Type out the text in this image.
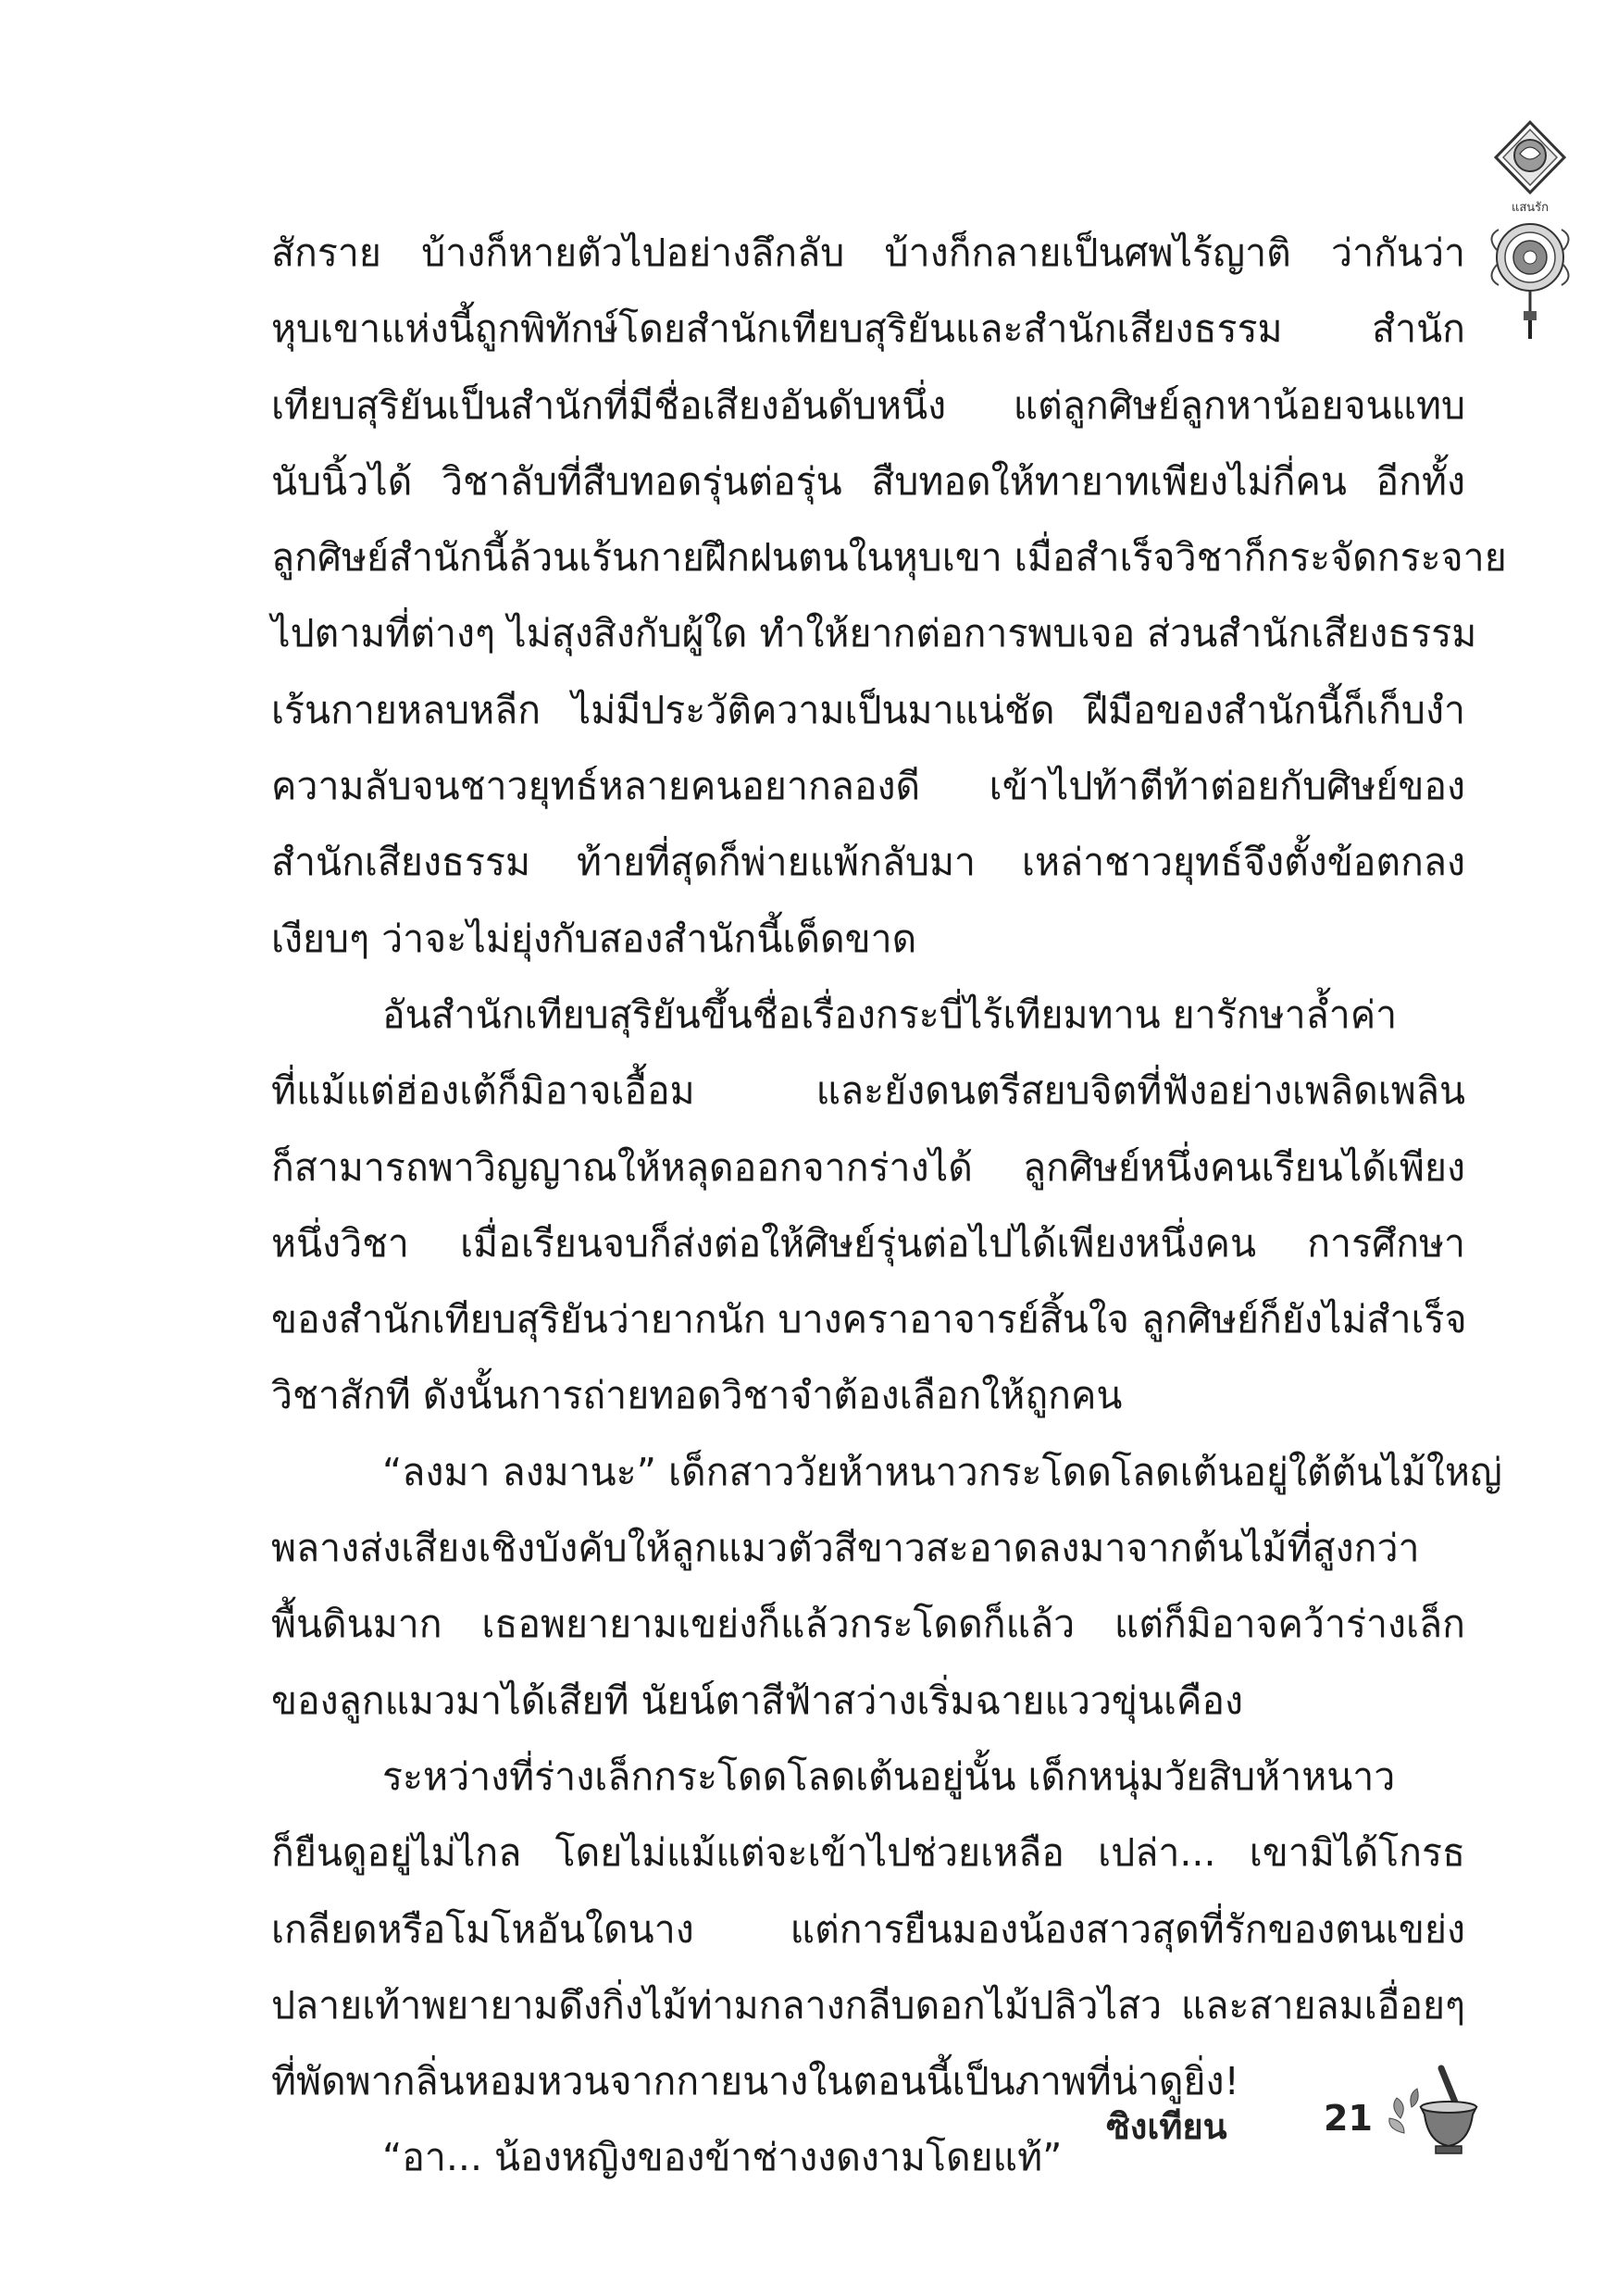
แสนรัก
สักราย บ้างก็หายตัวไปอย่างลึกลับ บ้างก็กลายเป็นศพไร้ญาติ ว่ากันว่า
หุบเขาแห่งนี้ถูกพิทักษ์โดยสำนักเทียบสุริยันและสำนักเสียงธรรม สำนัก
เทียบสุริยันเป็นสำนักที่มีชื่อเสียงอันดับหนึ่ง แต่ลูกศิษย์ลูกหาน้อยจนแทบ
นับนิ้วได้ วิชาลับที่สืบทอดรุ่นต่อรุ่น สืบทอดให้ทายาทเพียงไม่กี่คน อีกทั้ง
ลูกศิษย์สำนักนี้ล้วนเร้นกายฝึกฝนตนในหุบเขา เมื่อสำเร็จวิชาก็กระจัดกระจาย
ไปตามที่ต่างๆ ไม่สุงสิงกับผู้ใด ทำให้ยากต่อการพบเจอ ส่วนสำนักเสียงธรรม
เร้นกายหลบหลีก ไม่มีประวัติความเป็นมาแน่ชัด ฝีมือของสำนักนี้ก็เก็บงำ
ความลับจนชาวยุทธ์หลายคนอยากลองดี เข้าไปท้าตีท้าต่อยกับศิษย์ของ
สำนักเสียงธรรม ท้ายที่สุดก็พ่ายแพ้กลับมา เหล่าชาวยุทธ์จึงตั้งข้อตกลง
เงียบๆ ว่าจะไม่ยุ่งกับสองสำนักนี้เด็ดขาด
อันสำนักเทียบสุริยันขึ้นชื่อเรื่องกระบี่ไร้เทียมทาน ยารักษาล้ำค่า
ที่แม้แต่ฮ่องเต้ก็มิอาจเอื้อม และยังดนตรีสยบจิตที่ฟังอย่างเพลิดเพลิน
ก็สามารถพาวิญญาณให้หลุดออกจากร่างได้ ลูกศิษย์หนึ่งคนเรียนได้เพียง
หนึ่งวิชา เมื่อเรียนจบก็ส่งต่อให้ศิษย์รุ่นต่อไปได้เพียงหนึ่งคน การศึกษา
ของสำนักเทียบสุริยันว่ายากนัก บางคราอาจารย์สิ้นใจ ลูกศิษย์ก็ยังไม่สำเร็จ
วิชาสักที ดังนั้นการถ่ายทอดวิชาจำต้องเลือกให้ถูกคน
“ลงมา ลงมานะ” เด็กสาววัยห้าหนาวกระโดดโลดเต้นอยู่ใต้ต้นไม้ใหญ่
พลางส่งเสียงเชิงบังคับให้ลูกแมวตัวสีขาวสะอาดลงมาจากต้นไม้ที่สูงกว่า
พื้นดินมาก เธอพยายามเขย่งก็แล้วกระโดดก็แล้ว แต่ก็มิอาจคว้าร่างเล็ก
ของลูกแมวมาได้เสียที นัยน์ตาสีฟ้าสว่างเริ่มฉายแววขุ่นเคือง
ระหว่างที่ร่างเล็กกระโดดโลดเต้นอยู่นั้น เด็กหนุ่มวัยสิบห้าหนาว
ก็ยืนดูอยู่ไม่ไกล โดยไม่แม้แต่จะเข้าไปช่วยเหลือ เปล่า... เขามิได้โกรธ
เกลียดหรือโมโหอันใดนาง แต่การยืนมองน้องสาวสุดที่รักของตนเขย่ง
ปลายเท้าพยายามดึงกิ่งไม้ท่ามกลางกลีบดอกไม้ปลิวไสว และสายลมเอื่อยๆ
ที่พัดพากลิ่นหอมหวนจากกายนางในตอนนี้เป็นภาพที่น่าดูยิ่ง!
“อา... น้องหญิงของข้าช่างงดงามโดยแท้”
ซิงเทียน	21
